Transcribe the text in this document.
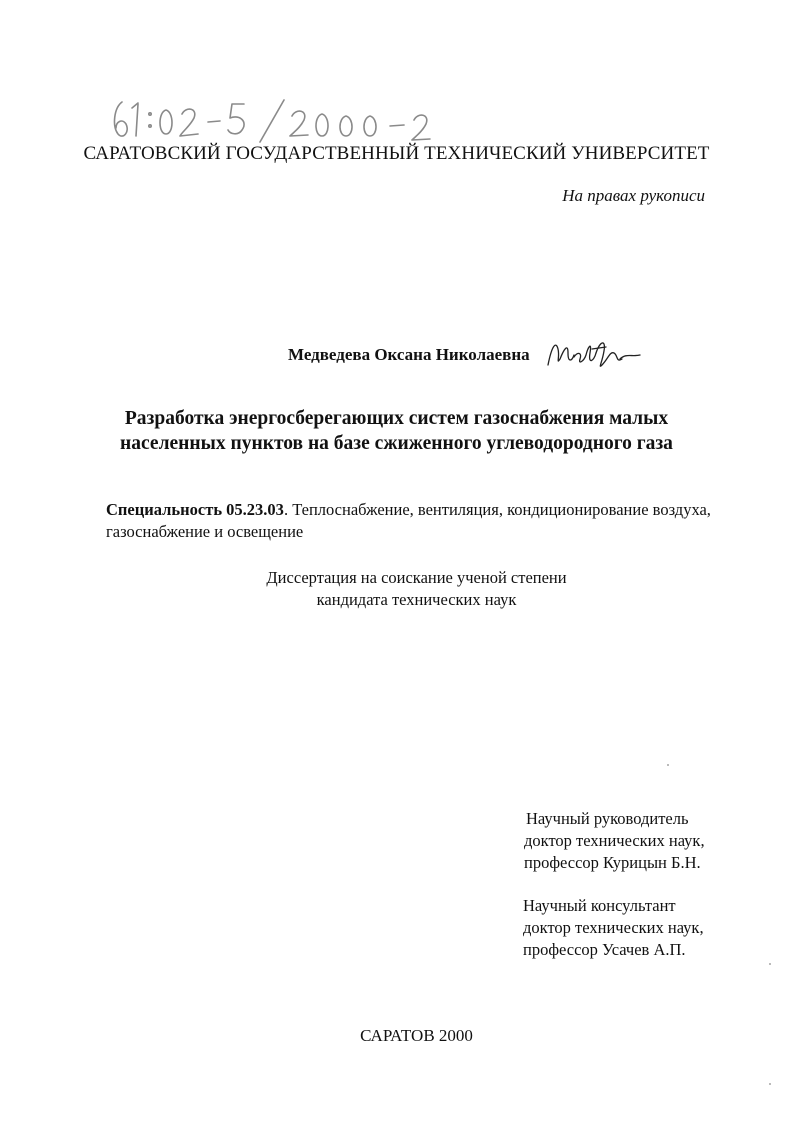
САРАТОВСКИЙ ГОСУДАРСТВЕННЫЙ ТЕХНИЧЕСКИЙ УНИВЕРСИТЕТ
На правах рукописи
Медведева Оксана Николаевна
Разработка энергосберегающих систем газоснабжения малых
населенных пунктов на базе сжиженного углеводородного газа
Специальность 05.23.03. Теплоснабжение, вентиляция, кондиционирование воздуха, газоснабжение и освещение
Диссертация на соискание ученой степени
кандидата технических наук
Научный руководитель
доктор технических наук,
профессор Курицын Б.Н.
Научный консультант
доктор технических наук,
профессор Усачев А.П.
САРАТОВ 2000
